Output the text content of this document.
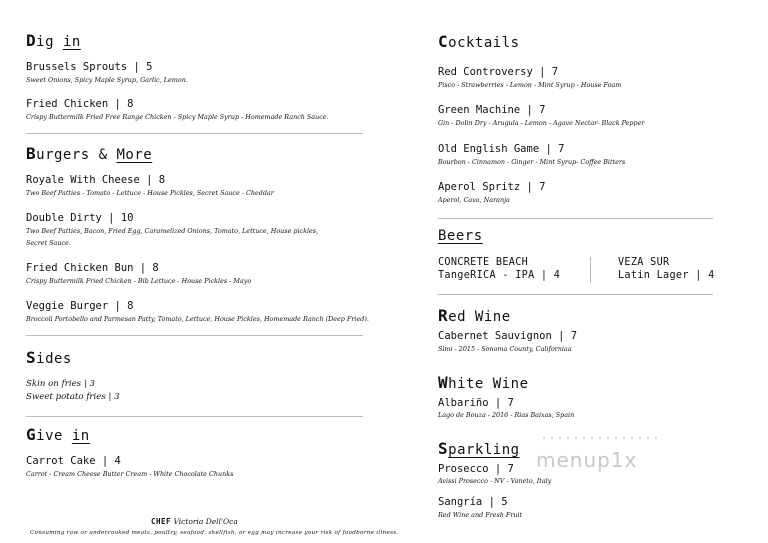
Dig in
Brussels Sprouts | 5
Sweet Onions, Spicy Maple Syrup, Garlic, Lemon.
Fried Chicken | 8
Crispy Buttermilk Fried Free Range Chicken - Spicy Maple Syrup - Homemade Ranch Sauce.
Burgers & More
Royale With Cheese | 8
Two Beef Patties - Tomato - Lettuce - House Pickles, Secret Sauce - Cheddar
Double Dirty | 10
Two Beef Patties, Bacon, Fried Egg, Caramelized Onions, Tomato, Lettuce, House pickles, Secret Sauce.
Fried Chicken Bun | 8
Crispy Buttermilk Fried Chicken - Bib Lettuce - House Pickles - Mayo
Veggie Burger | 8
Broccoli Portobello and Parmesan Patty, Tomato, Lettuce, House Pickles, Homemade Ranch (Deep Fried).
Sides
Skin on fries | 3
Sweet potato fries | 3
Give in
Carrot Cake | 4
Carrot - Cream Cheese Butter Cream - White Chocolate Chunks
CHEF Victoria Dell'Oca
Consuming raw or undercooked meats, poultry, seafood, shellfish, or egg may increase your risk of foodborne illness.
Cocktails
Red Controversy | 7
Pisco - Strawberries - Lemon - Mint Syrup - House Foam
Green Machine | 7
Gin - Dolin Dry - Arugula - Lemon - Agave Nectar- Black Pepper
Old English Game | 7
Bourbon - Cinnamon - Ginger - Mint Syrup- Coffee Bitters
Aperol Spritz | 7
Aperol, Cava, Naranja
Beers
CONCRETE BEACH
TangeRICA - IPA | 4
VEZA SUR
Latin Lager | 4
Red Wine
Cabernet Sauvignon | 7
Simi - 2015 - Sonoma County, Californiaa
White Wine
Albariño | 7
Lago de Bouza - 2016 - Rias Baixas, Spain
Sparkling
Prosecco | 7
Avissi Prosecco - NV - Vaneto, Italy
Sangría | 5
Red Wine and Fresh Fruit
menup1x
